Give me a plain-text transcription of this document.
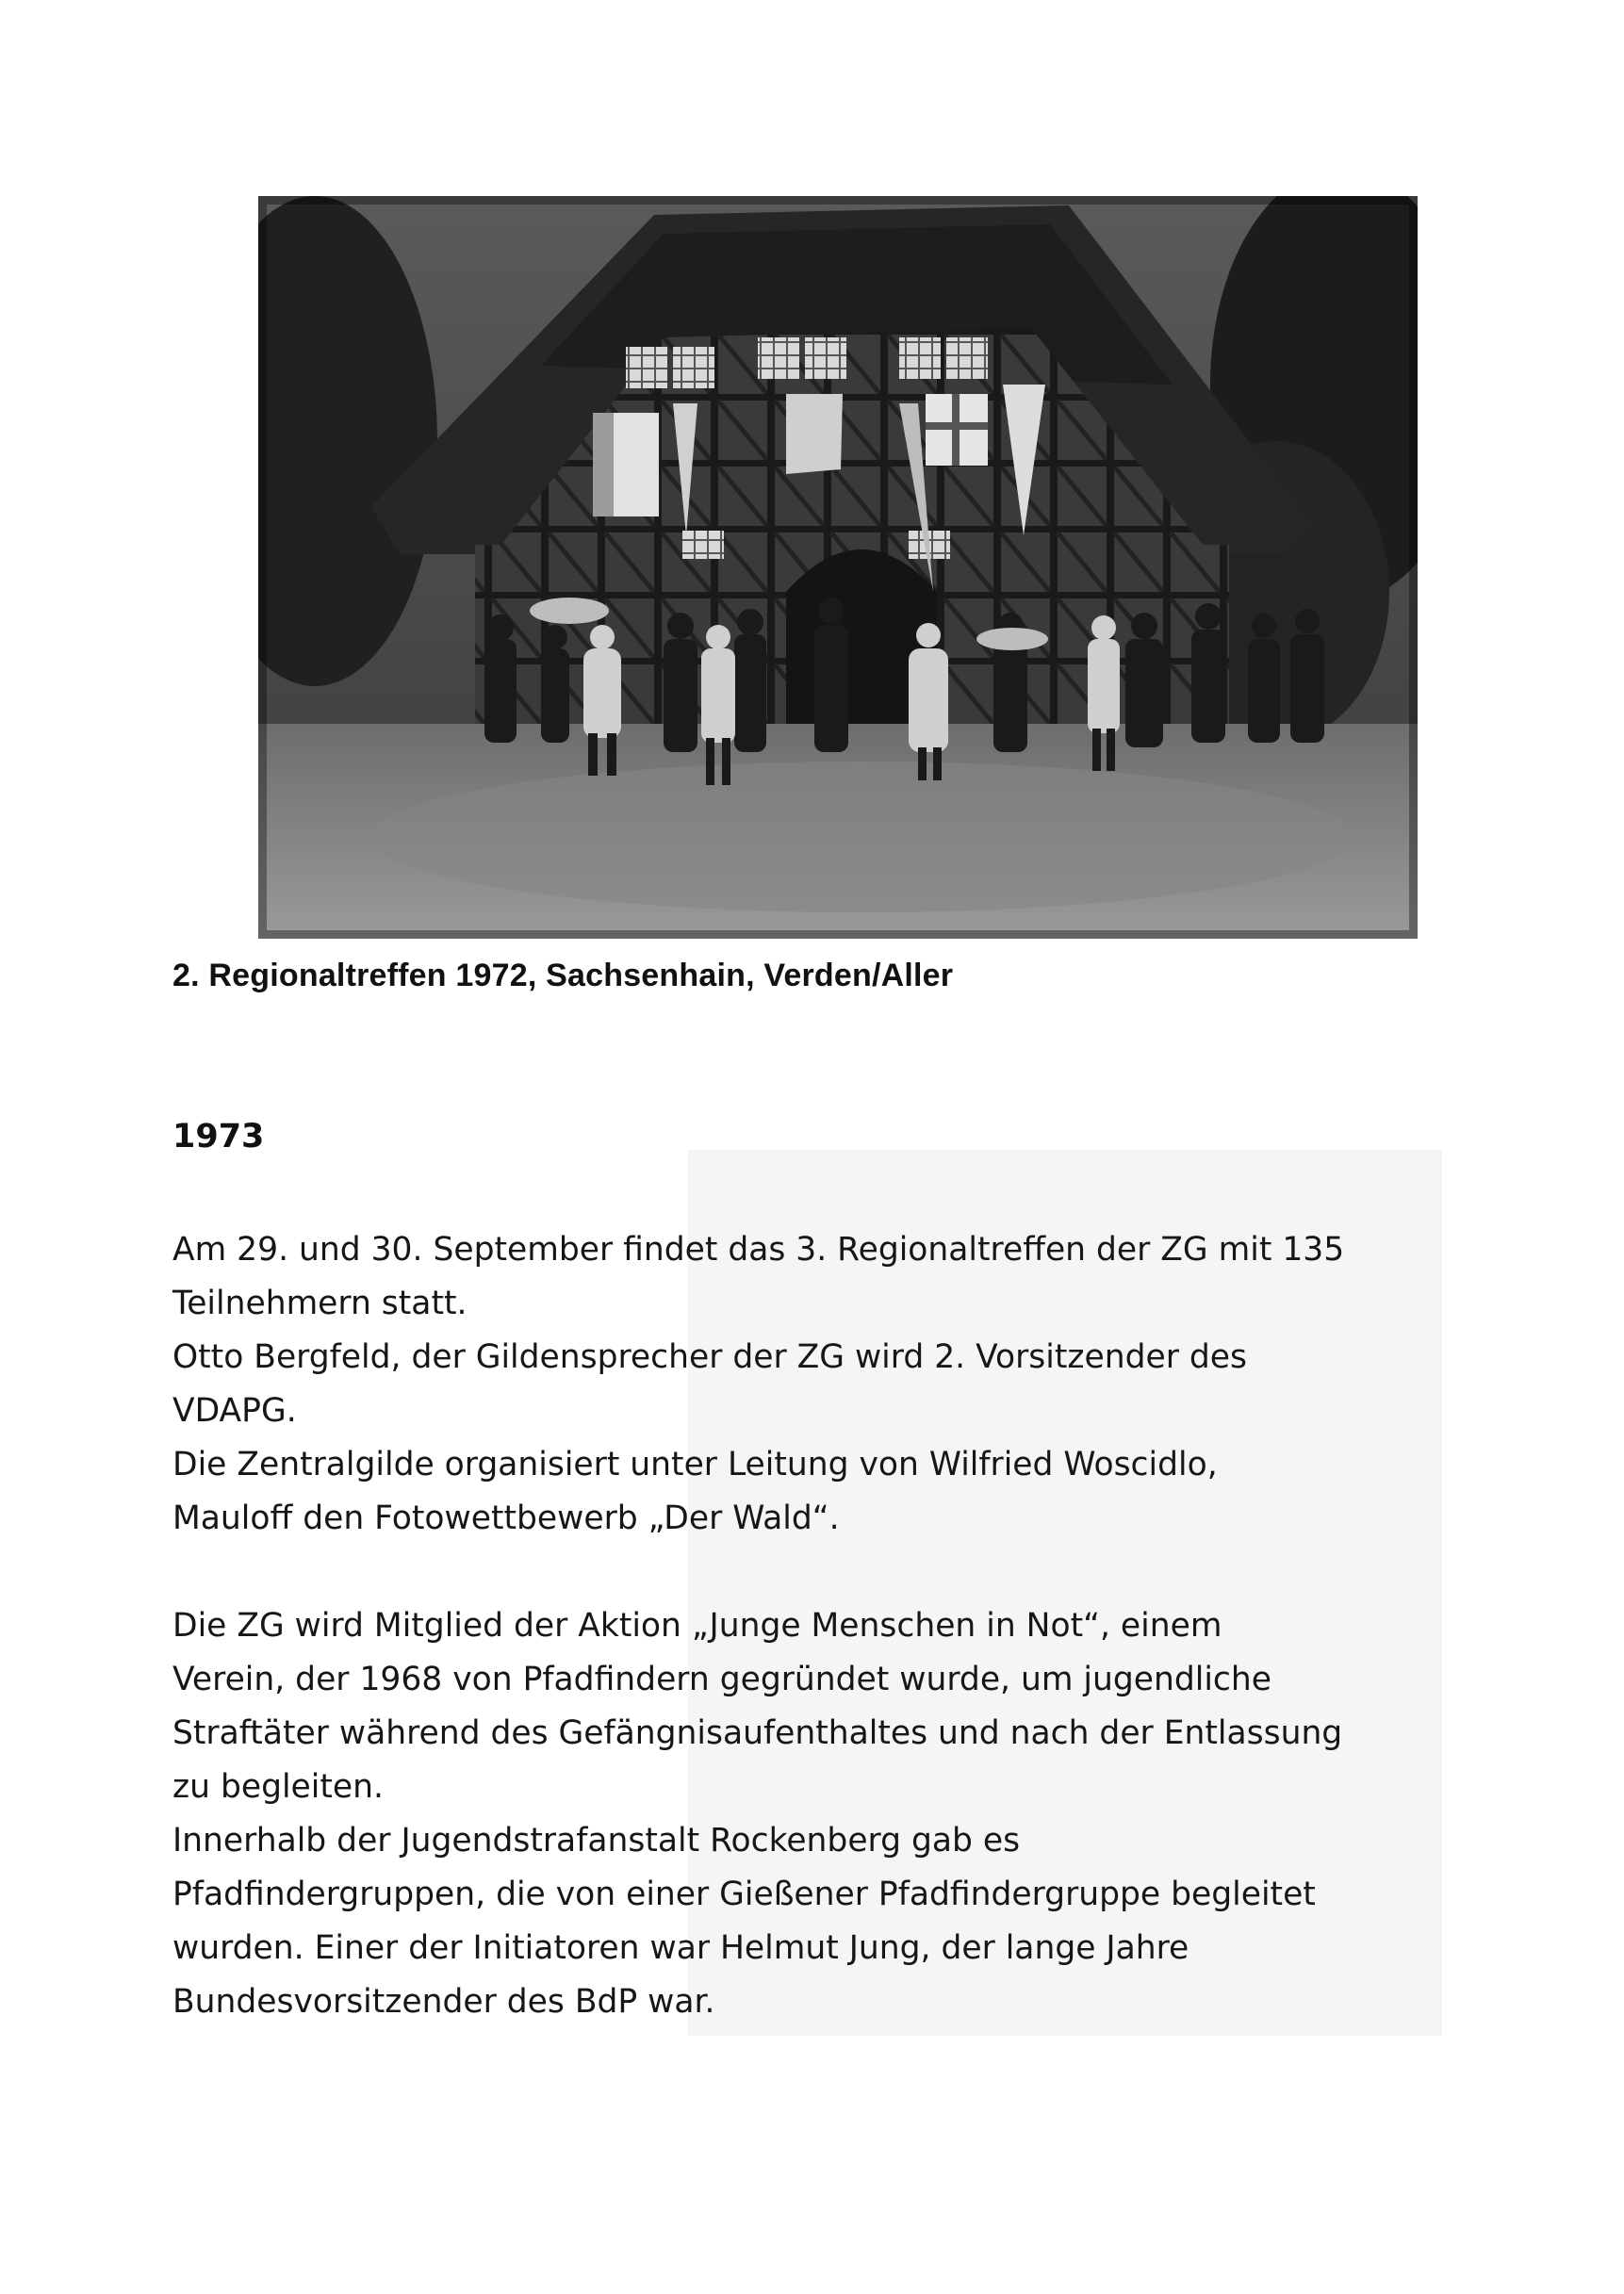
2. Regionaltreffen 1972, Sachsenhain, Verden/Aller
1973

Am 29. und 30. September findet das 3. Regionaltreffen der ZG mit 135
Teilnehmern statt.
Otto Bergfeld, der Gildensprecher der ZG wird 2. Vorsitzender des
VDAPG.
Die Zentralgilde organisiert unter Leitung von Wilfried Woscidlo,
Mauloff den Fotowettbewerb „Der Wald“.

Die ZG wird Mitglied der Aktion „Junge Menschen in Not“, einem
Verein, der 1968 von Pfadfindern gegründet wurde, um jugendliche
Straftäter während des Gefängnisaufenthaltes und nach der Entlassung
zu begleiten.
Innerhalb der Jugendstrafanstalt Rockenberg gab es
Pfadfindergruppen, die von einer Gießener Pfadfindergruppe begleitet
wurden. Einer der Initiatoren war Helmut Jung, der lange Jahre
Bundesvorsitzender des BdP war.
